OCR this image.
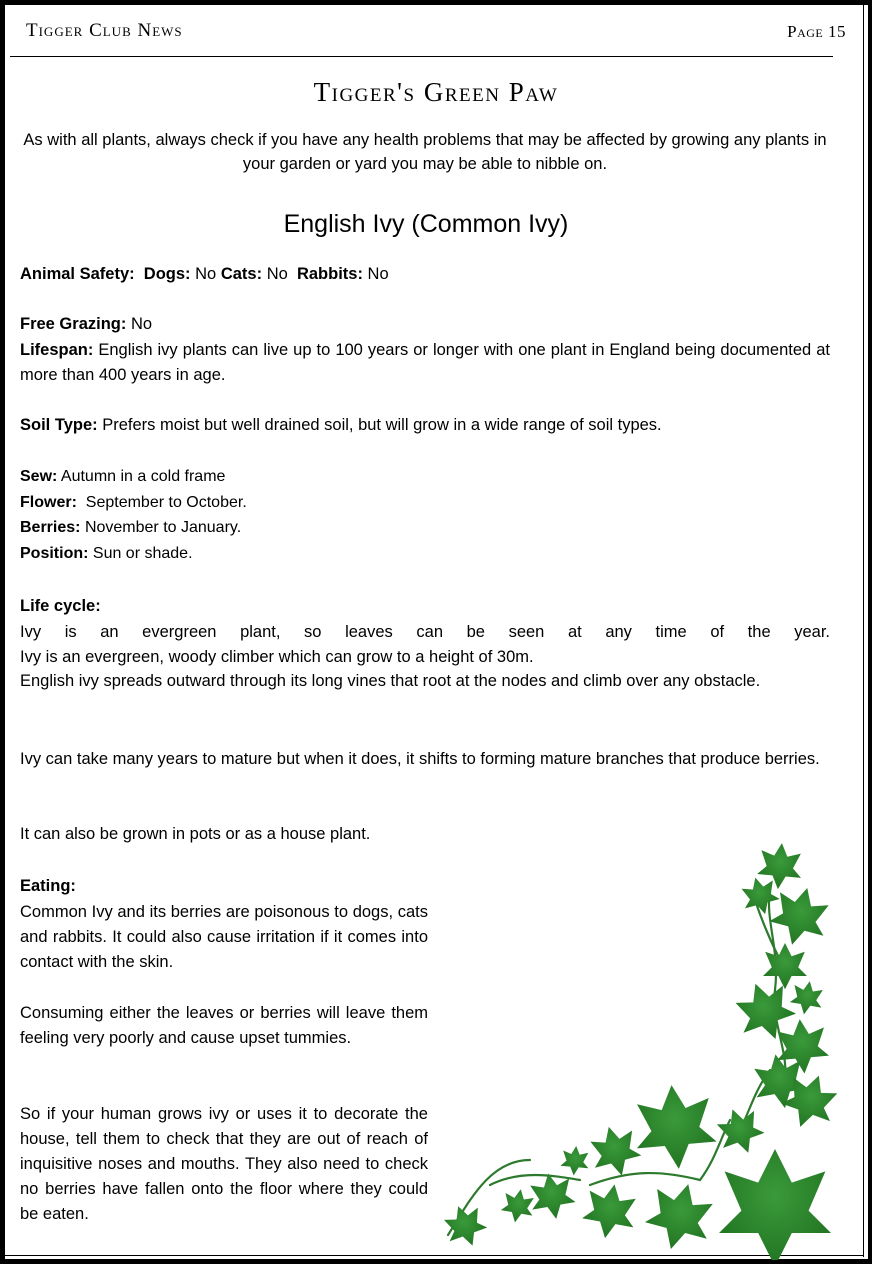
Tigger Club News	Page 15
Tigger's Green Paw
As with all plants, always check if you have any health problems that may be affected by growing any plants in your garden or yard you may be able to nibble on.
English Ivy (Common Ivy)

Animal Safety: Dogs: No Cats: No Rabbits: No

Free Grazing: No

Lifespan: English ivy plants can live up to 100 years or longer with one plant in England being documented at more than 400 years in age.

Soil Type: Prefers moist but well drained soil, but will grow in a wide range of soil types.

Sew: Autumn in a cold frame

Flower: September to October.

Berries: November to January.

Position: Sun or shade.

Life cycle:

Ivy is an evergreen plant, so leaves can be seen at any time of the year.

Ivy is an evergreen, woody climber which can grow to a height of 30m.

English ivy spreads outward through its long vines that root at the nodes and climb over any obstacle.

Ivy can take many years to mature but when it does, it shifts to forming mature branches that produce berries.
It can also be grown in pots or as a house plant.

Eating:

Common Ivy and its berries are poisonous to dogs, cats and rabbits. It could also cause irritation if it comes into contact with the skin.
Consuming either the leaves or berries will leave them feeling very poorly and cause upset tummies.
So if your human grows ivy or uses it to decorate the house, tell them to check that they are out of reach of inquisitive noses and mouths. They also need to check no berries have fallen onto the floor where they could be eaten.
